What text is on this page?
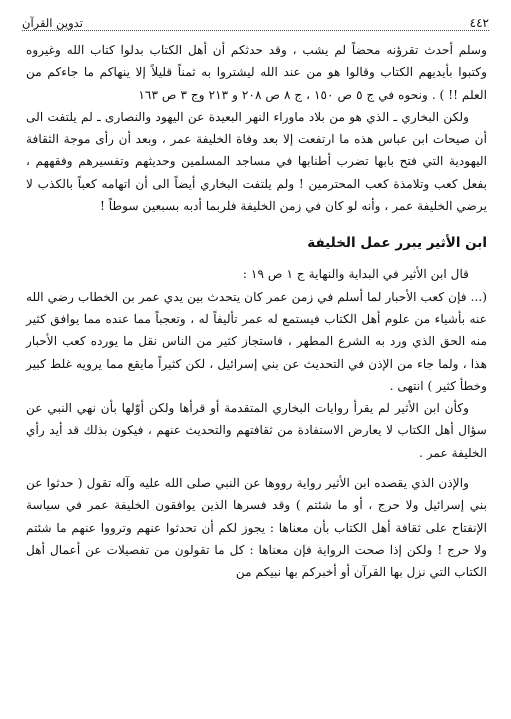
٤٤٢
تدوين القرآن

وسلم أحدث تقرؤنه محضاً لم يشب ، وقد حدثكم أن أهل الكتاب بدلوا كتاب الله وغيروه وكتبوا بأيديهم الكتاب وقالوا هو من عند الله ليشتروا به ثمناً قليلاً إلا ينهاكم ما جاءكم من العلم !! ) . ونحوه في ج ٥ ص ١٥٠ ، ج ٨ ص ٢٠٨ و ٢١٣ وج ٣ ص ١٦٣

ولكن البخاري ـ الذي هو من بلاد ماوراء النهر البعيدة عن اليهود والنصارى ـ لم يلتفت الى أن صيحات ابن عباس هذه ما ارتفعت إلا بعد وفاة الخليفة عمر ، وبعد أن رأى موجة الثقافة اليهودية التي فتح بابها تضرب أطنابها في مساجد المسلمين وحديثهم وتفسيرهم وفقههم ، بفعل كعب وتلامذة كعب المحترمين ! ولم يلتفت البخاري أيضاً الى أن اتهامه كعباً بالكذب لا يرضي الخليفة عمر ، وأنه لو كان في زمن الخليفة فلربما أدبه بسبعين سوطاً !

ابن الأثير يبرر عمل الخليفة

قال ابن الأثير في البداية والنهاية ج ١ ص ١٩ :

(... فإن كعب الأحبار لما أسلم في زمن عمر كان يتحدث بين يدي عمر بن الخطاب رضي الله عنه بأشياء من علوم أهل الكتاب فيستمع له عمر تأليفاً له ، وتعجباً مما عنده مما يوافق كثير منه الحق الذي ورد به الشرع المطهر ، فاستجاز كثير من الناس نقل ما يورده كعب الأحبار هذا ، ولما جاء من الإذن في التحديث عن بني إسرائيل ، لكن كثيراً مايقع مما يرويه غلط كبير وخطأ كثير ) انتهى .

وكأن ابن الأثير لم يقرأ روايات البخاري المتقدمة أو قرأها ولكن أوّلها بأن نهي النبي عن سؤال أهل الكتاب لا يعارض الاستفادة من ثقافتهم والتحديث عنهم ، فيكون بذلك قد أيد رأي الخليفة عمر .

والإذن الذي يقصده ابن الأثير رواية رووها عن النبي صلى الله عليه وآله تقول ( حدثوا عن بني إسرائيل ولا حرج ، أو ما شئتم ) وقد فسرها الذين يوافقون الخليفة عمر في سياسة الإنفتاح على ثقافة أهل الكتاب بأن معناها : يجوز لكم أن تحدثوا عنهم وترووا عنهم ما شئتم ولا حرج ! ولكن إذا صحت الرواية فإن معناها : كل ما تقولون من تفصيلات عن أعمال أهل الكتاب التي نزل بها القرآن أو أخبركم بها نبيكم من
